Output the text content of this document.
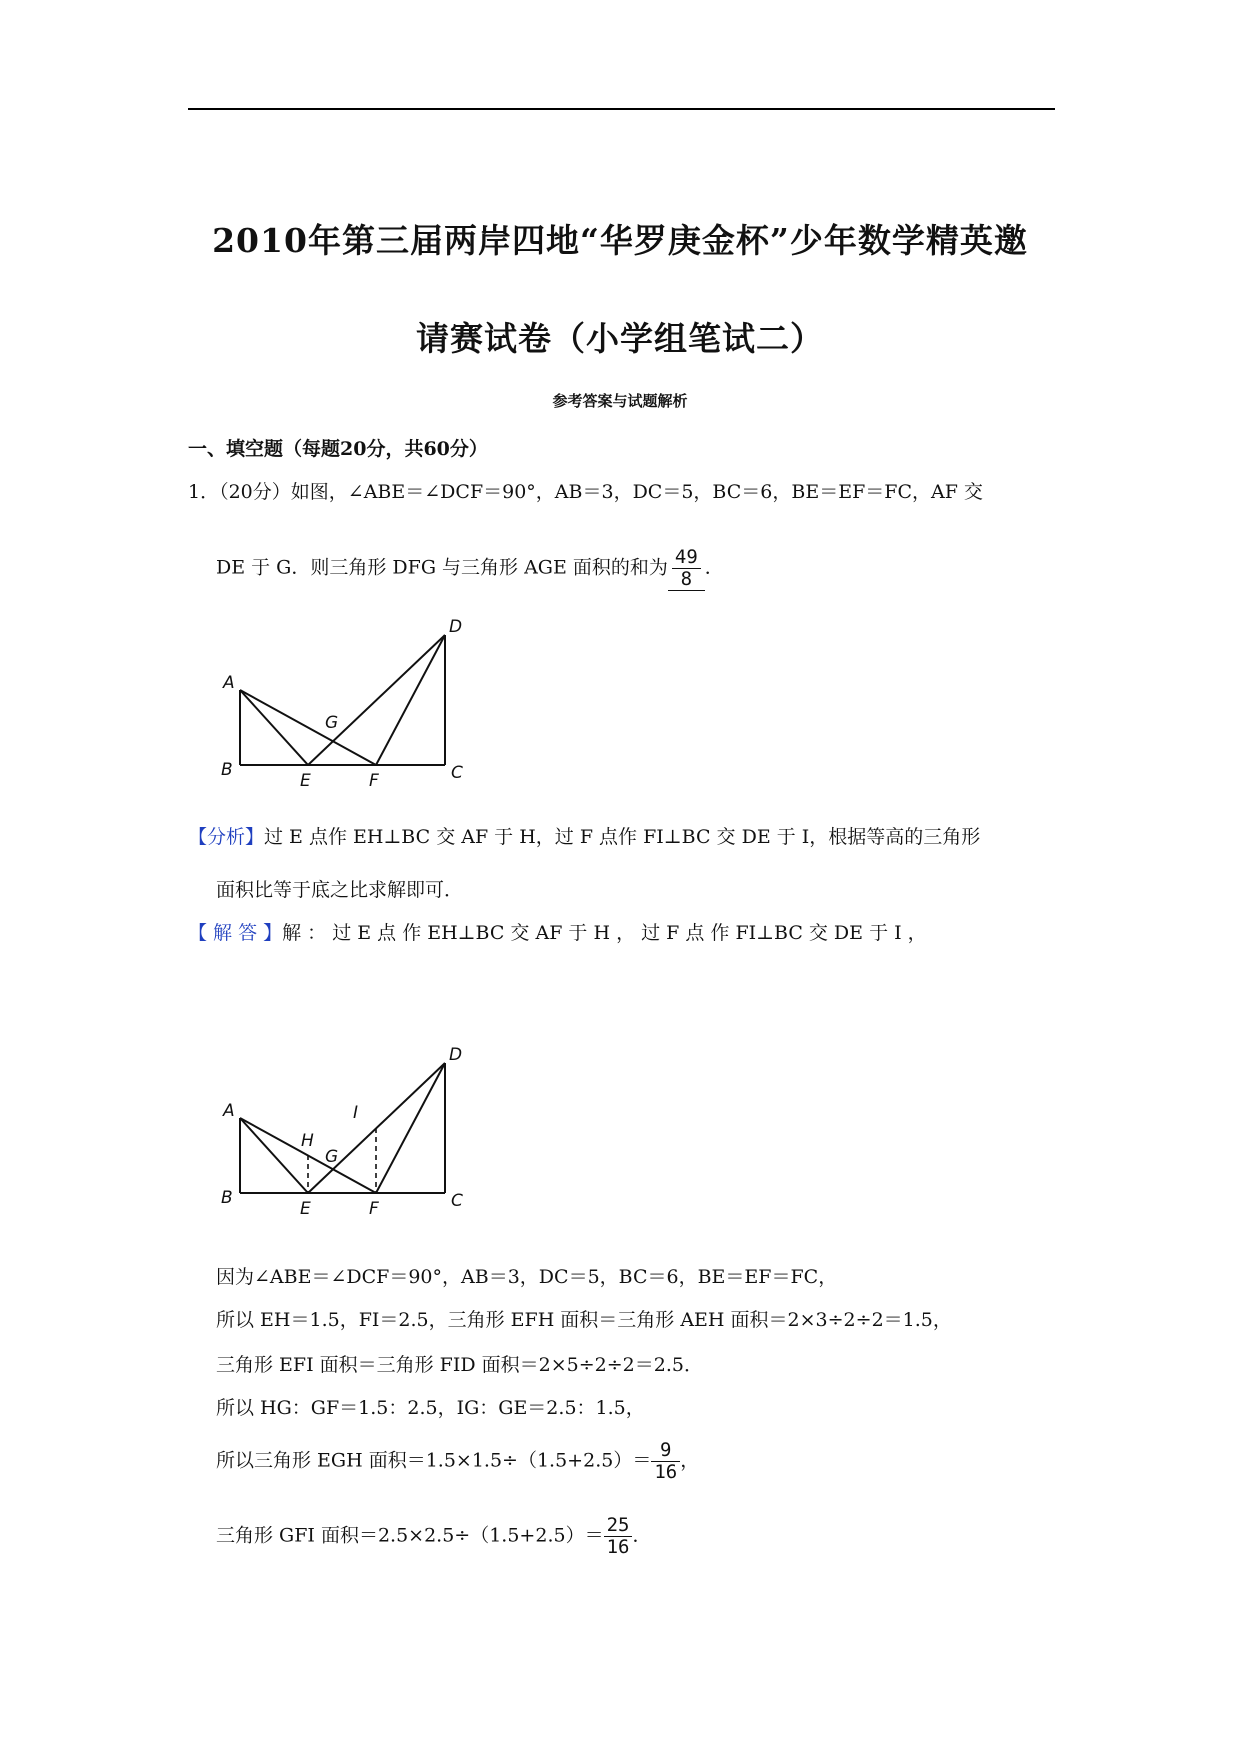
2010年第三届两岸四地“华罗庚金杯”少年数学精英邀
请赛试卷（小学组笔试二）
参考答案与试题解析
一、填空题（每题20分，共60分）
1．（20分）如图，∠ABE＝∠DCF＝90°，AB＝3，DC＝5，BC＝6，BE＝EF＝FC，AF 交
DE 于 G．则三角形 DFG 与三角形 AGE 面积的和为 $\frac{49}{8}$ ．
D
A
G
B
E	F	C
【分析】过 E 点作 EH⊥BC 交 AF 于 H，过 F 点作 FI⊥BC 交 DE 于 I，根据等高的三角形
面积比等于底之比求解即可．
【 解 答 】解 ： 过 E 点 作 EH⊥BC 交 AF 于 H ， 过 F 点 作 FI⊥BC 交 DE 于 I ，
D
A	I
H
G
B
E	F	C
因为∠ABE＝∠DCF＝90°，AB＝3，DC＝5，BC＝6，BE＝EF＝FC，
所以 EH＝1.5，FI＝2.5，三角形 EFH 面积＝三角形 AEH 面积＝2×3÷2÷2＝1.5，
三角形 EFI 面积＝三角形 FID 面积＝2×5÷2÷2＝2.5．
所以 HG：GF＝1.5：2.5，IG：GE＝2.5：1.5，
所以三角形 EGH 面积$=1.5\times 1.5\div(1.5+2.5)= \frac{9}{16}$ ，
三角形 GFI 面积$=2.5\times 2.5\div(1.5+2.5)= \frac{25}{16}$ ．
